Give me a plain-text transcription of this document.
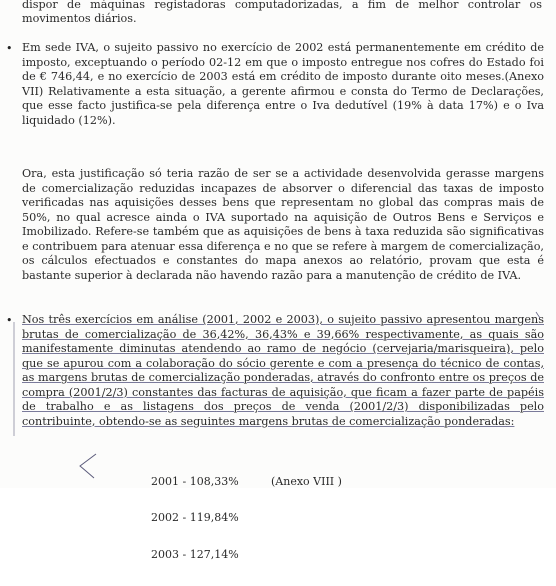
dispor de máquinas registadoras computadorizadas, a fim de melhor controlar os
movimentos diários.
• Em sede IVA, o sujeito passivo no exercício de 2002 está permanentemente em crédito de imposto, exceptuando o período 02-12 em que o imposto entregue nos cofres do Estado foi de € 746,44, e no exercício de 2003 está em crédito de imposto durante oito meses.(Anexo VII) Relativamente a esta situação, a gerente afirmou e consta do Termo de Declarações, que esse facto justifica-se pela diferença entre o Iva dedutível (19% à data 17%) e o Iva liquidado (12%).
Ora, esta justificação só teria razão de ser se a actividade desenvolvida gerasse margens de comercialização reduzidas incapazes de absorver o diferencial das taxas de imposto verificadas nas aquisições desses bens que representam no global das compras mais de 50%, no qual acresce ainda o IVA suportado na aquisição de Outros Bens e Serviços e Imobilizado. Refere-se também que as aquisições de bens à taxa reduzida são significativas e contribuem para atenuar essa diferença e no que se refere à margem de comercialização, os cálculos efectuados e constantes do mapa anexos ao relatório, provam que esta é bastante superior à declarada não havendo razão para a manutenção de crédito de IVA.
• Nos três exercícios em análise (2001, 2002 e 2003), o sujeito passivo apresentou margens brutas de comercialização de 36,42%, 36,43% e 39,66% respectivamente, as quais são manifestamente diminutas atendendo ao ramo de negócio (cervejaria/marisqueira), pelo que se apurou com a colaboração do sócio gerente e com a presença do técnico de contas, as margens brutas de comercialização ponderadas, através do confronto entre os preços de compra (2001/2/3) constantes das facturas de aquisição, que ficam a fazer parte de papéis de trabalho e as listagens dos preços de venda (2001/2/3) disponibilizadas pelo contribuinte, obtendo-se as seguintes margens brutas de comercialização ponderadas:

2001 - 108,33%

2002 - 119,84%

2003 - 127,14%

(Anexo VIII )
